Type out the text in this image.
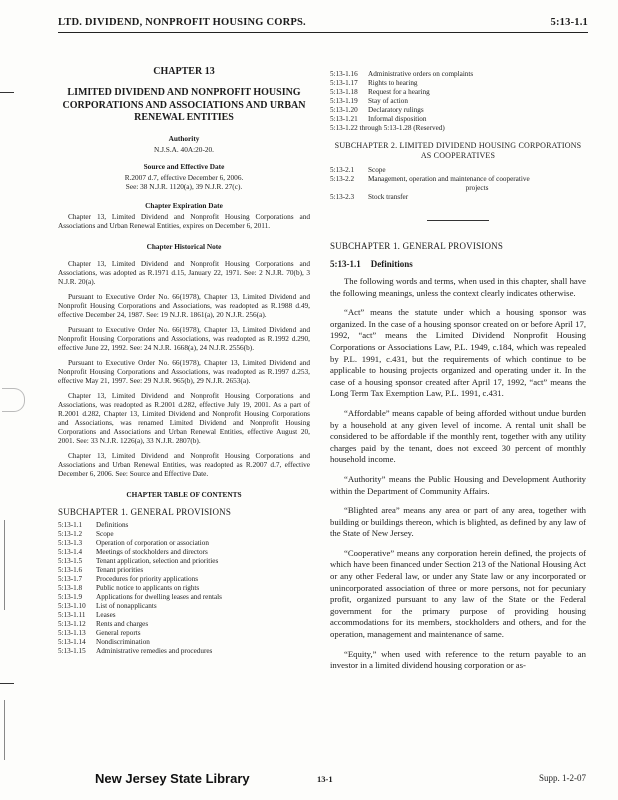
LTD. DIVIDEND, NONPROFIT HOUSING CORPS.	5:13-1.1

CHAPTER 13

LIMITED DIVIDEND AND NONPROFIT HOUSING CORPORATIONS AND ASSOCIATIONS AND URBAN RENEWAL ENTITIES

Authority

N.J.S.A. 40A:20-20.

Source and Effective Date

R.2007 d.7, effective December 6, 2006.

See: 38 N.J.R. 1120(a), 39 N.J.R. 27(c).

Chapter Expiration Date

Chapter 13, Limited Dividend and Nonprofit Housing Corporations and Associations and Urban Renewal Entities, expires on December 6, 2011.

Chapter Historical Note

Chapter 13, Limited Dividend and Nonprofit Housing Corporations and Associations, was adopted as R.1971 d.15, January 22, 1971. See: 2 N.J.R. 70(b), 3 N.J.R. 20(a).

Pursuant to Executive Order No. 66(1978), Chapter 13, Limited Dividend and Nonprofit Housing Corporations and Associations, was readopted as R.1988 d.49, effective December 24, 1987. See: 19 N.J.R. 1861(a), 20 N.J.R. 256(a).

Pursuant to Executive Order No. 66(1978), Chapter 13, Limited Dividend and Nonprofit Housing Corporations and Associations, was readopted as R.1992 d.290, effective June 22, 1992. See: 24 N.J.R. 1668(a), 24 N.J.R. 2556(b).

Pursuant to Executive Order No. 66(1978), Chapter 13, Limited Dividend and Nonprofit Housing Corporations and Associations, was readopted as R.1997 d.253, effective May 21, 1997. See: 29 N.J.R. 965(b), 29 N.J.R. 2653(a).

Chapter 13, Limited Dividend and Nonprofit Housing Corporations and Associations, was readopted as R.2001 d.282, effective July 19, 2001. As a part of R.2001 d.282, Chapter 13, Limited Dividend and Nonprofit Housing Corporations and Associations, was renamed Limited Dividend and Nonprofit Housing Corporations and Associations and Urban Renewal Entities, effective August 20, 2001. See: 33 N.J.R. 1226(a), 33 N.J.R. 2807(b).

Chapter 13, Limited Dividend and Nonprofit Housing Corporations and Associations and Urban Renewal Entities, was readopted as R.2007 d.7, effective December 6, 2006. See: Source and Effective Date.

CHAPTER TABLE OF CONTENTS

SUBCHAPTER 1. GENERAL PROVISIONS

5:13-1.1	Definitions
5:13-1.2	Scope
5:13-1.3	Operation of corporation or association
5:13-1.4	Meetings of stockholders and directors
5:13-1.5	Tenant application, selection and priorities
5:13-1.6	Tenant priorities
5:13-1.7	Procedures for priority applications
5:13-1.8	Public notice to applicants on rights
5:13-1.9	Applications for dwelling leases and rentals
5:13-1.10	List of nonapplicants
5:13-1.11	Leases
5:13-1.12	Rents and charges
5:13-1.13	General reports
5:13-1.14	Nondiscrimination
5:13-1.15	Administrative remedies and procedures
5:13-1.16	Administrative orders on complaints
5:13-1.17	Rights to hearing
5:13-1.18	Request for a hearing
5:13-1.19	Stay of action
5:13-1.20	Declaratory rulings
5:13-1.21	Informal disposition
5:13-1.22 through 5:13-1.28 (Reserved)

SUBCHAPTER 2. LIMITED DIVIDEND HOUSING CORPORATIONS AS COOPERATIVES

5:13-2.1	Scope
5:13-2.2	Management, operation and maintenance of cooperative
projects
5:13-2.3	Stock transfer

SUBCHAPTER 1. GENERAL PROVISIONS

5:13-1.1 Definitions

The following words and terms, when used in this chapter, shall have the following meanings, unless the context clearly indicates otherwise.

“Act” means the statute under which a housing sponsor was organized. In the case of a housing sponsor created on or before April 17, 1992, “act” means the Limited Dividend Nonprofit Housing Corporations or Associations Law, P.L. 1949, c.184, which was repealed by P.L. 1991, c.431, but the requirements of which continue to be applicable to housing projects organized and operating under it. In the case of a housing sponsor created after April 17, 1992, “act” means the Long Term Tax Exemption Law, P.L. 1991, c.431.

“Affordable” means capable of being afforded without undue burden by a household at any given level of income. A rental unit shall be considered to be affordable if the monthly rent, together with any utility charges paid by the tenant, does not exceed 30 percent of monthly household income.

“Authority” means the Public Housing and Development Authority within the Department of Community Affairs.

“Blighted area” means any area or part of any area, together with building or buildings thereon, which is blighted, as defined by any law of the State of New Jersey.

“Cooperative” means any corporation herein defined, the projects of which have been financed under Section 213 of the National Housing Act or any other Federal law, or under any State law or any incorporated or unincorporated association of three or more persons, not for pecuniary profit, organized pursuant to any law of the State or the Federal government for the primary purpose of providing housing accommodations for its members, stockholders and others, and for the operation, management and maintenance of same.

“Equity,” when used with reference to the return payable to an investor in a limited dividend housing corporation or as-

New Jersey State Library	13-1	Supp. 1-2-07
